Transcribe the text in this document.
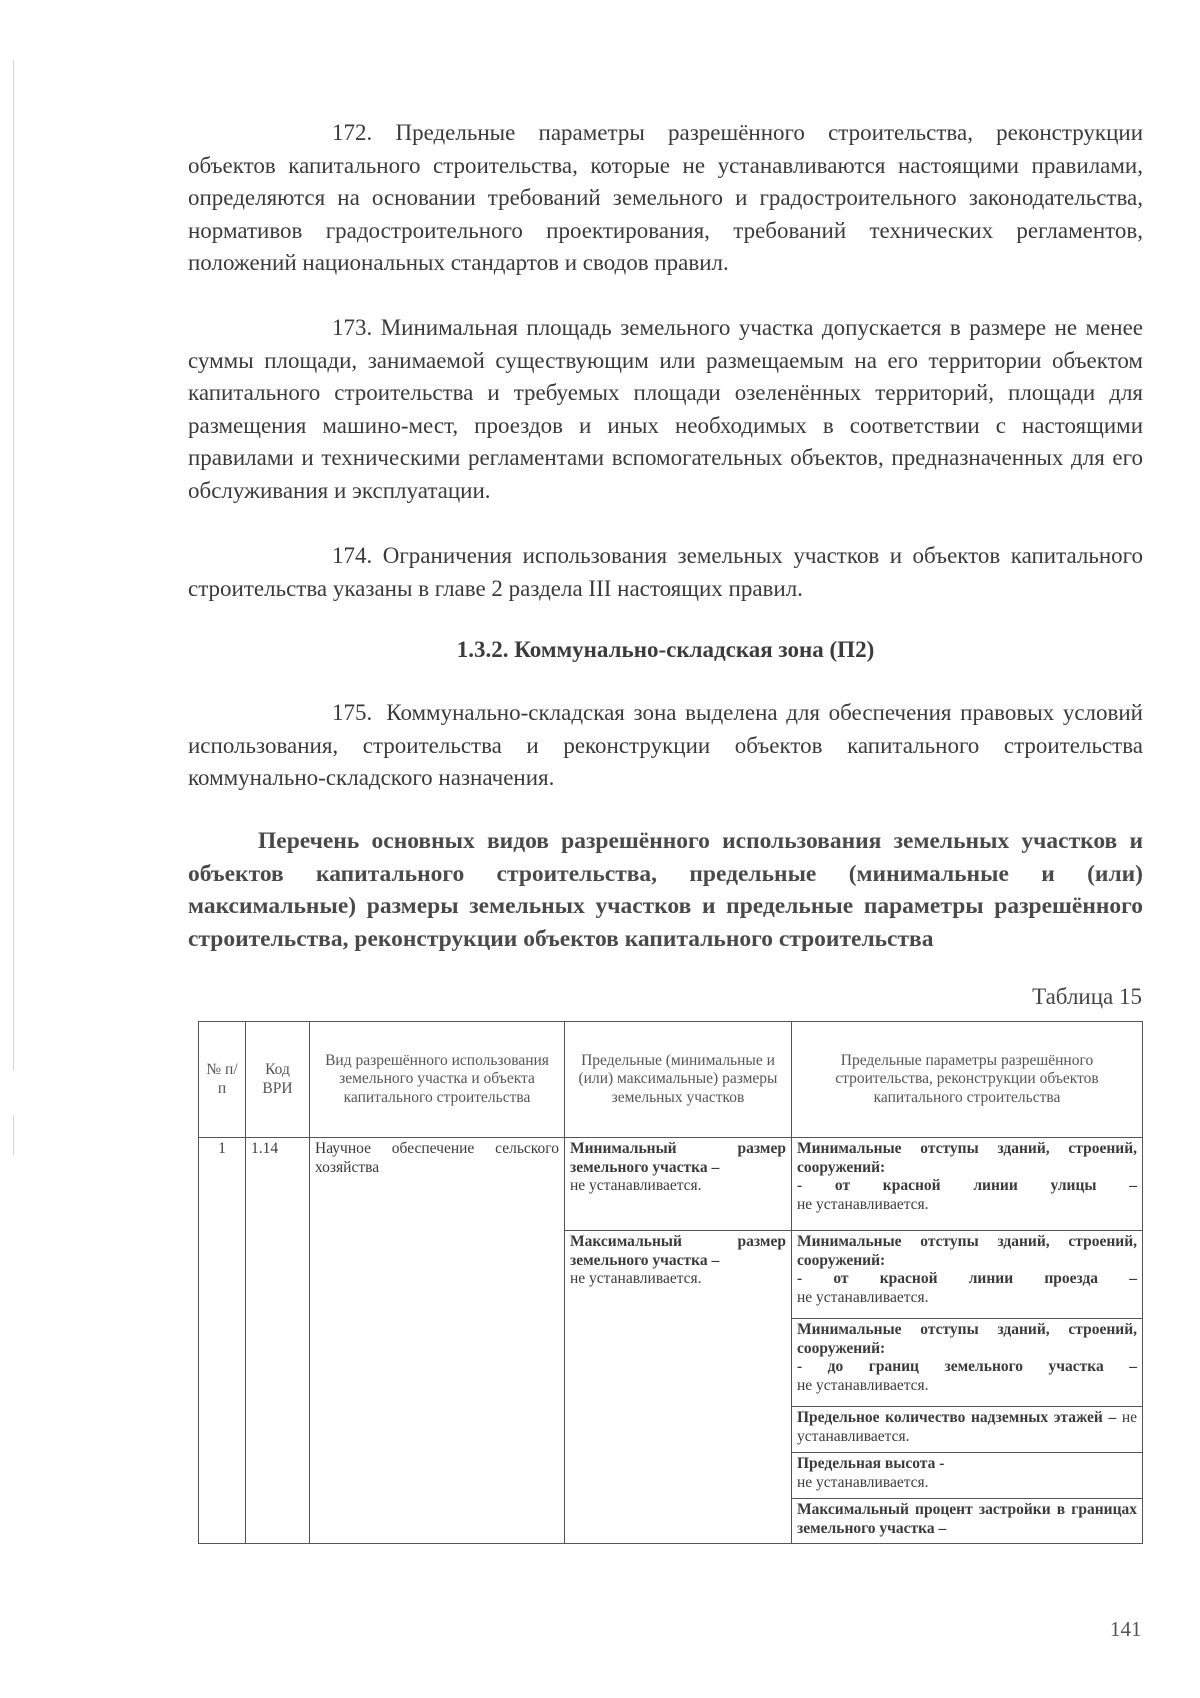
172. Предельные параметры разрешённого строительства, реконструкции объектов капитального строительства, которые не устанавливаются настоящими правилами, определяются на основании требований земельного и градостроительного законодательства, нормативов градостроительного проектирования, требований технических регламентов, положений национальных стандартов и сводов правил.

173. Минимальная площадь земельного участка допускается в размере не менее суммы площади, занимаемой существующим или размещаемым на его территории объектом капитального строительства и требуемых площади озеленённых территорий, площади для размещения машино-мест, проездов и иных необходимых в соответствии с настоящими правилами и техническими регламентами вспомогательных объектов, предназначенных для его обслуживания и эксплуатации.

174. Ограничения использования земельных участков и объектов капитального строительства указаны в главе 2 раздела III настоящих правил.

1.3.2. Коммунально-складская зона (П2)

175. Коммунально-складская зона выделена для обеспечения правовых условий использования, строительства и реконструкции объектов капитального строительства коммунально-складского назначения.

Перечень основных видов разрешённого использования земельных участков и объектов капитального строительства, предельные (минимальные и (или) максимальные) размеры земельных участков и предельные параметры разрешённого строительства, реконструкции объектов капитального строительства

Таблица 15

№ п/п	Код ВРИ	Вид разрешённого использования земельного участка и объекта капитального строительства	Предельные (минимальные и (или) максимальные) размеры земельных участков	Предельные параметры разрешённого строительства, реконструкции объектов капитального строительства
1	1.14	Научное обеспечение сельского хозяйства	Минимальный размер земельного участка –
не устанавливается.	Минимальные отступы зданий, строений, сооружений:
- от красной линии улицы –
не устанавливается.

			Максимальный размер земельного участка –
не устанавливается.	Минимальные отступы зданий, строений, сооружений:
- от красной линии проезда –
не устанавливается.

				Минимальные отступы зданий, строений, сооружений:
- до границ земельного участка –
не устанавливается.

				Предельное количество надземных этажей – не устанавливается.
				Предельная высота -
не устанавливается.

				Максимальный процент застройки в границах земельного участка –
141
